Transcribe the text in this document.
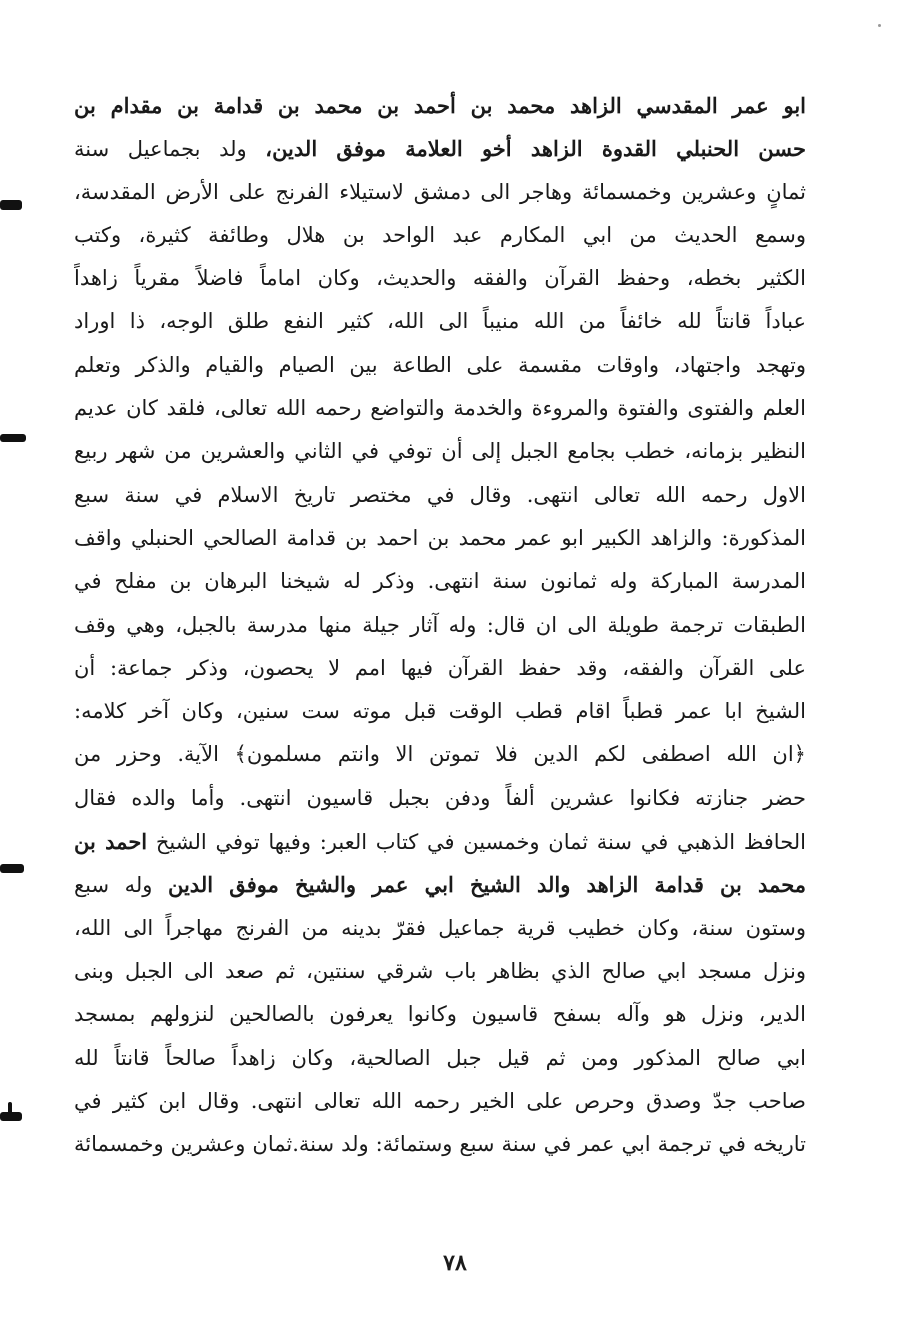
ابو عمر المقدسي الزاهد محمد بن أحمد بن محمد بن قدامة بن مقدام بن
حسن الحنبلي القدوة الزاهد أخو العلامة موفق الدين، ولد بجماعيل سنة
ثمانٍ وعشرين وخمسمائة وهاجر الى دمشق لاستيلاء الفرنج على الأرض المقدسة،
وسمع الحديث من ابي المكارم عبد الواحد بن هلال وطائفة كثيرة، وكتب
الكثير بخطه، وحفظ القرآن والفقه والحديث، وكان اماماً فاضلاً مقرياً زاهداً
عباداً قانتاً لله خائفاً من الله منيباً الى الله، كثير النفع طلق الوجه، ذا اوراد
وتهجد واجتهاد، واوقات مقسمة على الطاعة بين الصيام والقيام والذكر وتعلم
العلم والفتوى والفتوة والمروءة والخدمة والتواضع رحمه الله تعالى، فلقد كان عديم
النظير بزمانه، خطب بجامع الجبل إلى أن توفي في الثاني والعشرين من شهر ربيع
الاول رحمه الله تعالى انتهى. وقال في مختصر تاريخ الاسلام في سنة سبع
المذكورة: والزاهد الكبير ابو عمر محمد بن احمد بن قدامة الصالحي الحنبلي واقف
المدرسة المباركة وله ثمانون سنة انتهى. وذكر له شيخنا البرهان بن مفلح في
الطبقات ترجمة طويلة الى ان قال: وله آثار جيلة منها مدرسة بالجبل، وهي وقف
على القرآن والفقه، وقد حفظ القرآن فيها امم لا يحصون، وذكر جماعة: أن
الشيخ ابا عمر قطباً اقام قطب الوقت قبل موته ست سنين، وكان آخر كلامه:
﴿ان الله اصطفى لكم الدين فلا تموتن الا وانتم مسلمون﴾ الآية. وحزر من
حضر جنازته فكانوا عشرين ألفاً ودفن بجبل قاسيون انتهى. وأما والده فقال
الحافظ الذهبي في سنة ثمان وخمسين في كتاب العبر: وفيها توفي الشيخ احمد بن
محمد بن قدامة الزاهد والد الشيخ ابي عمر والشيخ موفق الدين وله سبع
وستون سنة، وكان خطيب قرية جماعيل فقرّ بدينه من الفرنج مهاجراً الى الله،
ونزل مسجد ابي صالح الذي بظاهر باب شرقي سنتين، ثم صعد الى الجبل وبنى
الدير، ونزل هو وآله بسفح قاسيون وكانوا يعرفون بالصالحين لنزولهم بمسجد
ابي صالح المذكور ومن ثم قيل جبل الصالحية، وكان زاهداً صالحاً قانتاً لله
صاحب جدّ وصدق وحرص على الخير رحمه الله تعالى انتهى. وقال ابن كثير في
تاريخه في ترجمة ابي عمر في سنة سبع وستمائة: ولد سنة.ثمان وعشرين وخمسمائة
٧٨
